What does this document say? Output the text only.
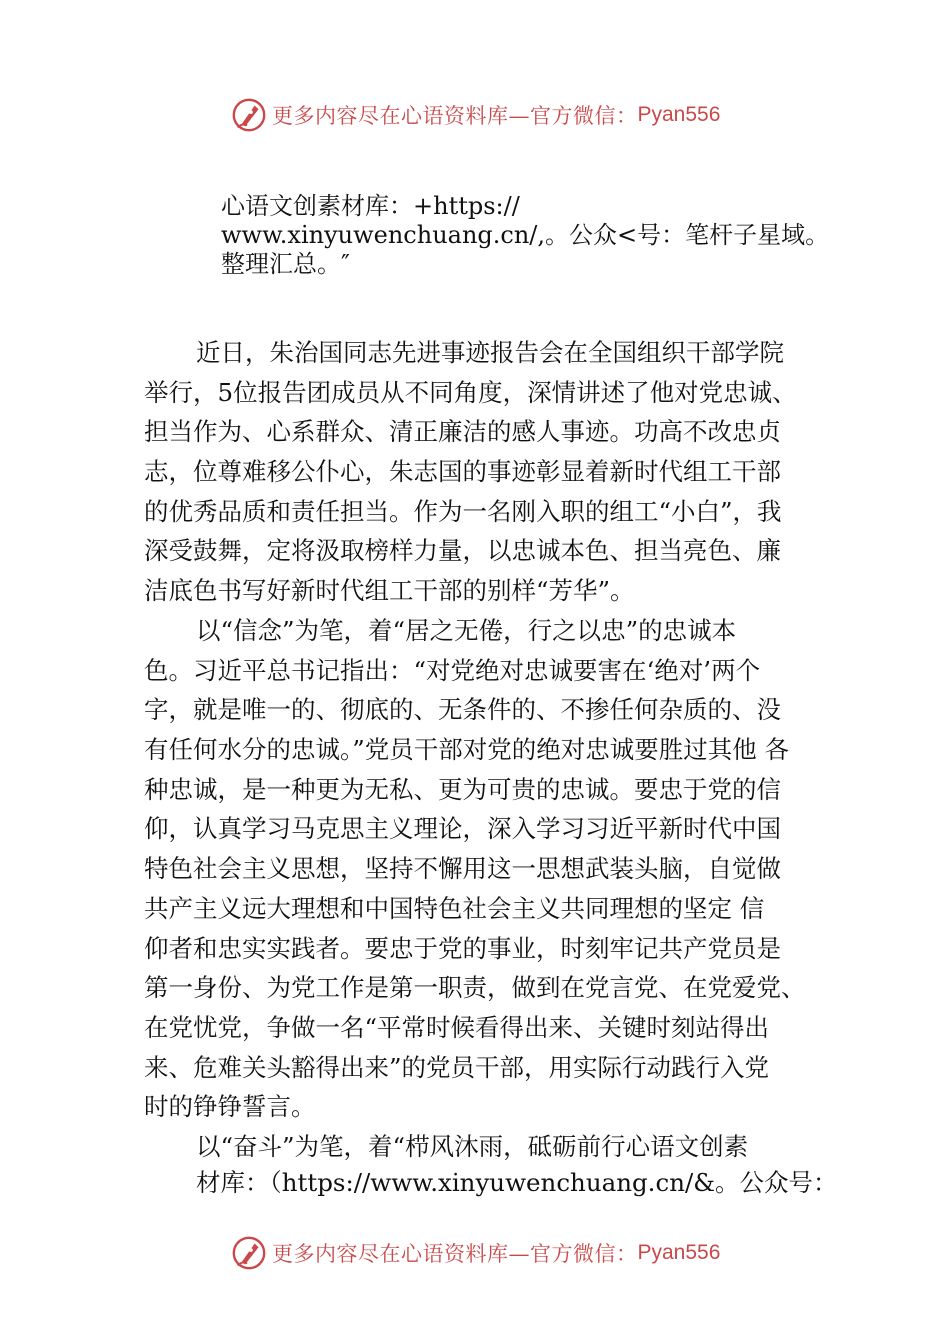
更多内容尽在心语资料库—官方微信： Pyan556
心语文创素材库：+https://
www.xinyuwenchuang.cn/,。公众<号：笔杆子星域。
整理汇总。″
近日，朱治国同志先进事迹报告会在全国组织干部学院
举行，5位报告团成员从不同角度，深情讲述了他对党忠诚、
担当作为、心系群众、清正廉洁的感人事迹。功高不改忠贞
志，位尊难移公仆心，朱志国的事迹彰显着新时代组工干部
的优秀品质和责任担当。作为一名刚入职的组工“小白”，我
深受鼓舞，定将汲取榜样力量，以忠诚本色、担当亮色、廉
洁底色书写好新时代组工干部的别样“芳华”。
以“信念”为笔，着“居之无倦，行之以忠”的忠诚本
色。习近平总书记指出：“对党绝对忠诚要害在‘绝对’两个
字，就是唯一的、彻底的、无条件的、不掺任何杂质的、没
有任何水分的忠诚。”党员干部对党的绝对忠诚要胜过其他 各
种忠诚，是一种更为无私、更为可贵的忠诚。要忠于党的信
仰，认真学习马克思主义理论，深入学习习近平新时代中国
特色社会主义思想，坚持不懈用这一思想武装头脑，自觉做
共产主义远大理想和中国特色社会主义共同理想的坚定 信
仰者和忠实实践者。要忠于党的事业，时刻牢记共产党员是
第一身份、为党工作是第一职责，做到在党言党、在党爱党、
在党忧党，争做一名“平常时候看得出来、关键时刻站得出
来、危难关头豁得出来”的党员干部，用实际行动践行入党
时的铮铮誓言。
以“奋斗”为笔，着“栉风沐雨，砥砺前行心语文创素
材库：（https://www.xinyuwenchuang.cn/&。公众号：
更多内容尽在心语资料库—官方微信： Pyan556
